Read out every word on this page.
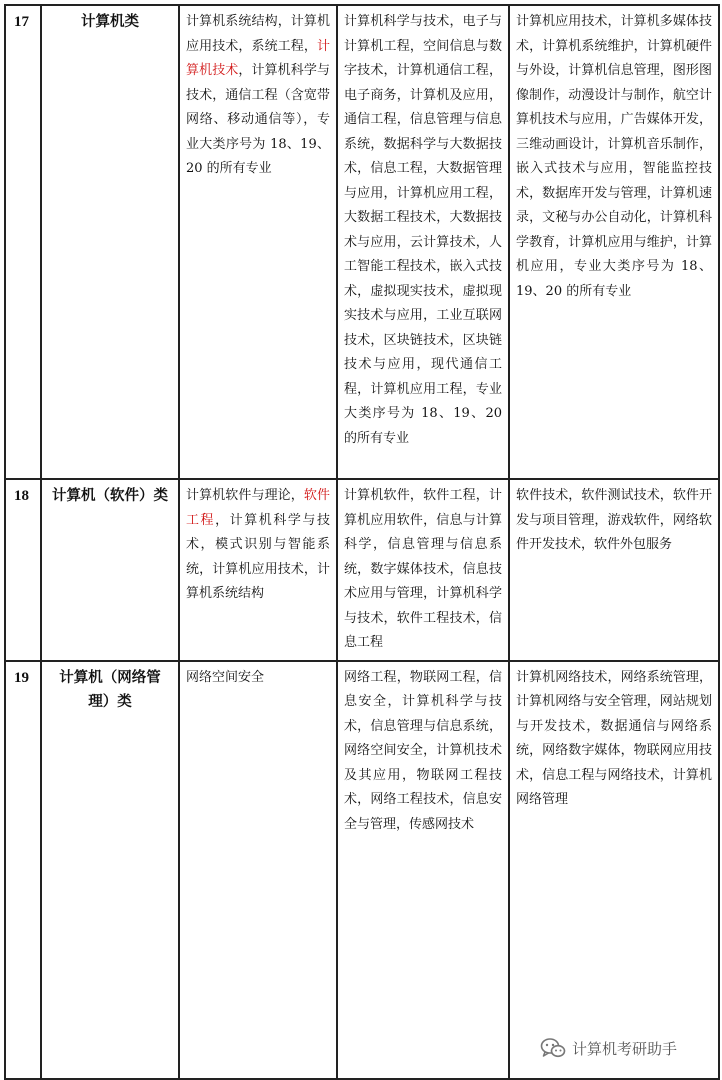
17	计算机类	计算机系统结构，计算机应用技术，系统工程，计算机技术，计算机科学与技术，通信工程（含宽带网络、移动通信等），专业大类序号为 18、19、20 的所有专业	计算机科学与技术，电子与计算机工程，空间信息与数字技术，计算机通信工程，电子商务，计算机及应用，通信工程，信息管理与信息系统，数据科学与大数据技术，信息工程，大数据管理与应用，计算机应用工程，大数据工程技术，大数据技术与应用，云计算技术，人工智能工程技术，嵌入式技术，虚拟现实技术，虚拟现实技术与应用，工业互联网技术，区块链技术，区块链技术与应用，现代通信工程，计算机应用工程，专业大类序号为 18、19、20 的所有专业	计算机应用技术，计算机多媒体技术，计算机系统维护，计算机硬件与外设，计算机信息管理，图形图像制作，动漫设计与制作，航空计算机技术与应用，广告媒体开发，三维动画设计，计算机音乐制作，嵌入式技术与应用，智能监控技术，数据库开发与管理，计算机速录，文秘与办公自动化，计算机科学教育，计算机应用与维护，计算机应用，专业大类序号为 18、19、20 的所有专业
18	计算机（软件）类	计算机软件与理论，软件工程，计算机科学与技术，模式识别与智能系统，计算机应用技术，计算机系统结构	计算机软件，软件工程，计算机应用软件，信息与计算科学，信息管理与信息系统，数字媒体技术，信息技术应用与管理，计算机科学与技术，软件工程技术，信息工程	软件技术，软件测试技术，软件开发与项目管理，游戏软件，网络软件开发技术，软件外包服务
19	计算机（网络管理）类	网络空间安全	网络工程，物联网工程，信息安全，计算机科学与技术，信息管理与信息系统，网络空间安全，计算机技术及其应用，物联网工程技术，网络工程技术，信息安全与管理，传感网技术	计算机网络技术，网络系统管理，计算机网络与安全管理，网站规划与开发技术，数据通信与网络系统，网络数字媒体，物联网应用技术，信息工程与网络技术，计算机网络管理
计算机考研助手
